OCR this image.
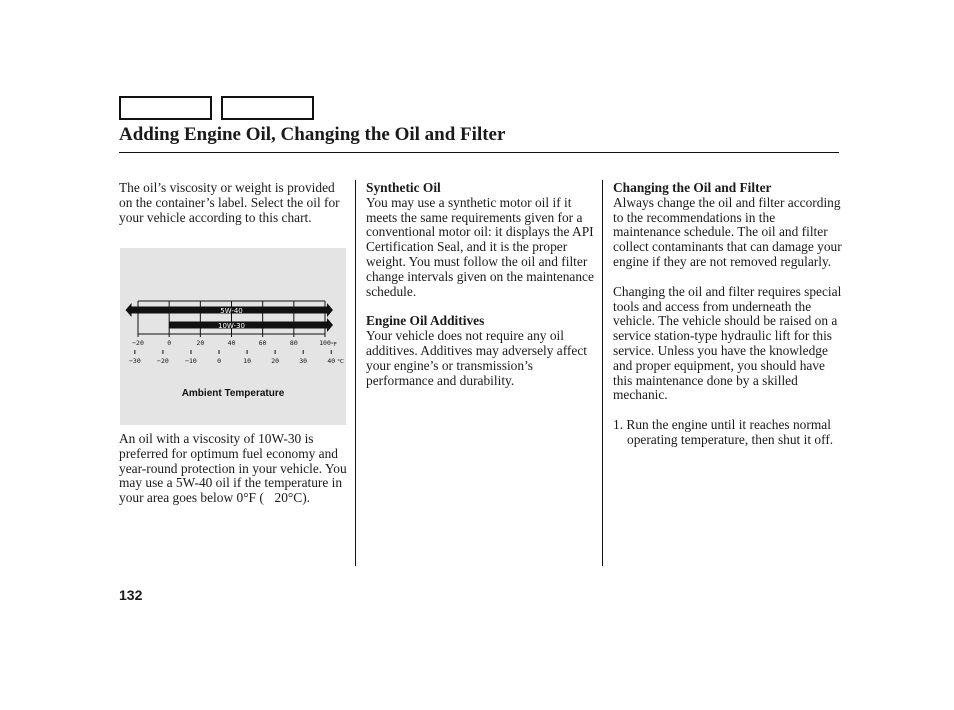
Adding Engine Oil, Changing the Oil and Filter

The oil’s viscosity or weight is provided on the container’s label. Select the oil for your vehicle according to this chart.

5W-40
10W-30
−20	0	20	40	60	80	100 °F
−30	−20	−10	0	10	20	30	40 °C
Ambient Temperature

An oil with a viscosity of 10W-30 is preferred for optimum fuel economy and year-round protection in your vehicle. You may use a 5W-40 oil if the temperature in your area goes below 0°F (    20°C).

Synthetic Oil

You may use a synthetic motor oil if it meets the same requirements given for a conventional motor oil: it displays the API Certification Seal, and it is the proper weight. You must follow the oil and filter change intervals given on the maintenance schedule.

Engine Oil Additives

Your vehicle does not require any oil additives. Additives may adversely affect your engine’s or transmission’s performance and durability.

Changing the Oil and Filter

Always change the oil and filter according to the recommendations in the maintenance schedule. The oil and filter collect contaminants that can damage your engine if they are not removed regularly.

Changing the oil and filter requires special tools and access from underneath the vehicle. The vehicle should be raised on a service station-type hydraulic lift for this service. Unless you have the knowledge and proper equipment, you should have this maintenance done by a skilled mechanic.

1. Run the engine until it reaches normal operating temperature, then shut it off.

132
